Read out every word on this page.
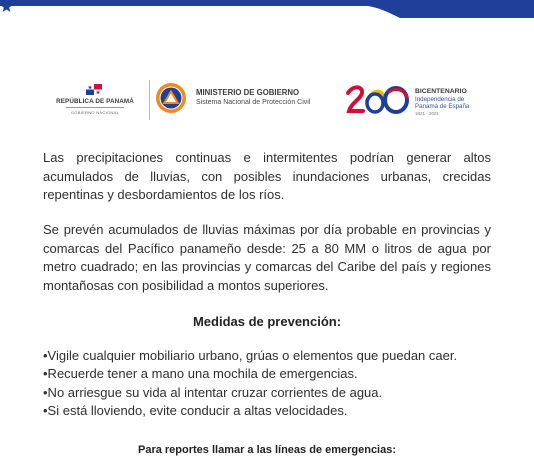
REPÚBLICA DE PANAMÁ
GOBIERNO NACIONAL
MINISTERIO DE GOBIERNO
Sistema Nacional de Protección Civil
BICENTENARIO
Independencia de
Panamá de España
1821 - 2021

Las precipitaciones continuas e intermitentes podrían generar altos acumulados de lluvias, con posibles inundaciones urbanas, crecidas repentinas y desbordamientos de los ríos.

Se prevén acumulados de lluvias máximas por día probable en provincias y comarcas del Pacífico panameño desde: 25 a 80 MM o litros de agua por metro cuadrado; en las provincias y comarcas del Caribe del país y regiones montañosas con posibilidad a montos superiores.

Medidas de prevención:
•Vigile cualquier mobiliario urbano, grúas o elementos que puedan caer.
•Recuerde tener a mano una mochila de emergencias.
•No arriesgue su vida al intentar cruzar corrientes de agua.
•Si está lloviendo, evite conducir a altas velocidades.
Para reportes llamar a las líneas de emergencias:
